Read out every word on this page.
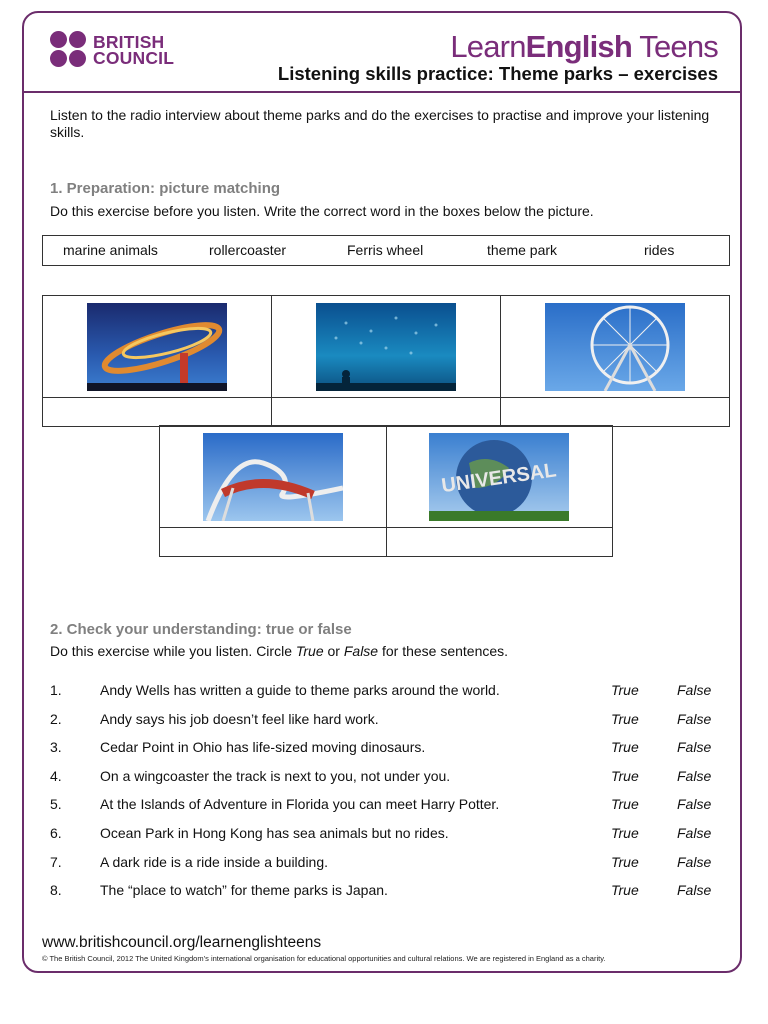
BRITISH
COUNCIL	LearnEnglish Teens
Listening skills practice: Theme parks – exercises
Listen to the radio interview about theme parks and do the exercises to practise and improve your listening skills.
1. Preparation: picture matching
Do this exercise before you listen. Write the correct word in the boxes below the picture.
marine animals	rollercoaster	Ferris wheel	theme park	rides

UNIVERSAL

2. Check your understanding: true or false
Do this exercise while you listen. Circle True or False for these sentences.
1.	Andy Wells has written a guide to theme parks around the world.	True	False
2.	Andy says his job doesn’t feel like hard work.	True	False
3.	Cedar Point in Ohio has life-sized moving dinosaurs.	True	False
4.	On a wingcoaster the track is next to you, not under you.	True	False
5.	At the Islands of Adventure in Florida you can meet Harry Potter.	True	False
6.	Ocean Park in Hong Kong has sea animals but no rides.	True	False
7.	A dark ride is a ride inside a building.	True	False
8.	The “place to watch” for theme parks is Japan.	True	False
www.britishcouncil.org/learnenglishteens
© The British Council, 2012 The United Kingdom’s international organisation for educational opportunities and cultural relations. We are registered in England as a charity.
